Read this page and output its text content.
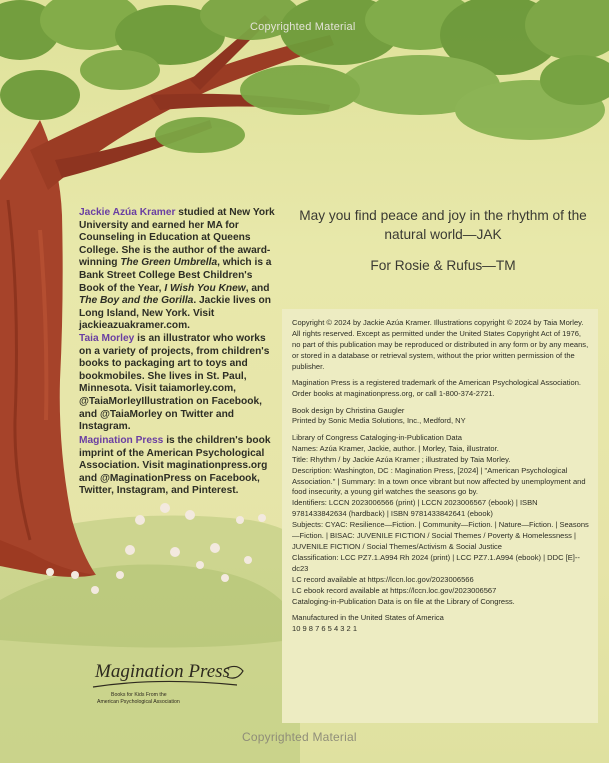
Copyrighted Material

Jackie Azúa Kramer studied at New York University and earned her MA for Counseling in Education at Queens College. She is the author of the award-winning The Green Umbrella, which is a Bank Street College Best Children's Book of the Year, I Wish You Knew, and The Boy and the Gorilla. Jackie lives on Long Island, New York. Visit jackieazuakramer.com.

Taia Morley is an illustrator who works on a variety of projects, from children's books to packaging art to toys and bookmobiles. She lives in St. Paul, Minnesota. Visit taiamorley.com, @TaiaMorleyIllustration on Facebook, and @TaiaMorley on Twitter and Instagram.

Magination Press is the children's book imprint of the American Psychological Association. Visit maginationpress.org and @MaginationPress on Facebook, Twitter, Instagram, and Pinterest.

May you find peace and joy in the rhythm of the natural world—JAK
For Rosie & Rufus—TM

Copyright © 2024 by Jackie Azúa Kramer. Illustrations copyright © 2024 by Taia Morley. All rights reserved. Except as permitted under the United States Copyright Act of 1976, no part of this publication may be reproduced or distributed in any form or by any means, or stored in a database or retrieval system, without the prior written permission of the publisher.

Magination Press is a registered trademark of the American Psychological Association. Order books at maginationpress.org, or call 1-800-374-2721.

Book design by Christina Gaugler
Printed by Sonic Media Solutions, Inc., Medford, NY

Library of Congress Cataloging-in-Publication Data
Names: Azúa Kramer, Jackie, author. | Morley, Taia, illustrator.
Title: Rhythm / by Jackie Azúa Kramer ; illustrated by Taia Morley.
Description: Washington, DC : Magination Press, [2024] | "American Psychological Association." | Summary: In a town once vibrant but now affected by unemployment and food insecurity, a young girl watches the seasons go by.
Identifiers: LCCN 2023006566 (print) | LCCN 2023006567 (ebook) | ISBN 9781433842634 (hardback) | ISBN 9781433842641 (ebook)
Subjects: CYAC: Resilience—Fiction. | Community—Fiction. | Nature—Fiction. | Seasons—Fiction. | BISAC: JUVENILE FICTION / Social Themes / Poverty & Homelessness | JUVENILE FICTION / Social Themes/Activism & Social Justice
Classification: LCC PZ7.1.A994 Rh 2024 (print) | LCC PZ7.1.A994 (ebook) | DDC [E]--dc23
LC record available at https://lccn.loc.gov/2023006566
LC ebook record available at https://lccn.loc.gov/2023006567
Cataloging-in-Publication Data is on file at the Library of Congress.

Manufactured in the United States of America
10 9 8 7 6 5 4 3 2 1

Magination Press
Books for Kids From the
American Psychological Association
Copyrighted Material
